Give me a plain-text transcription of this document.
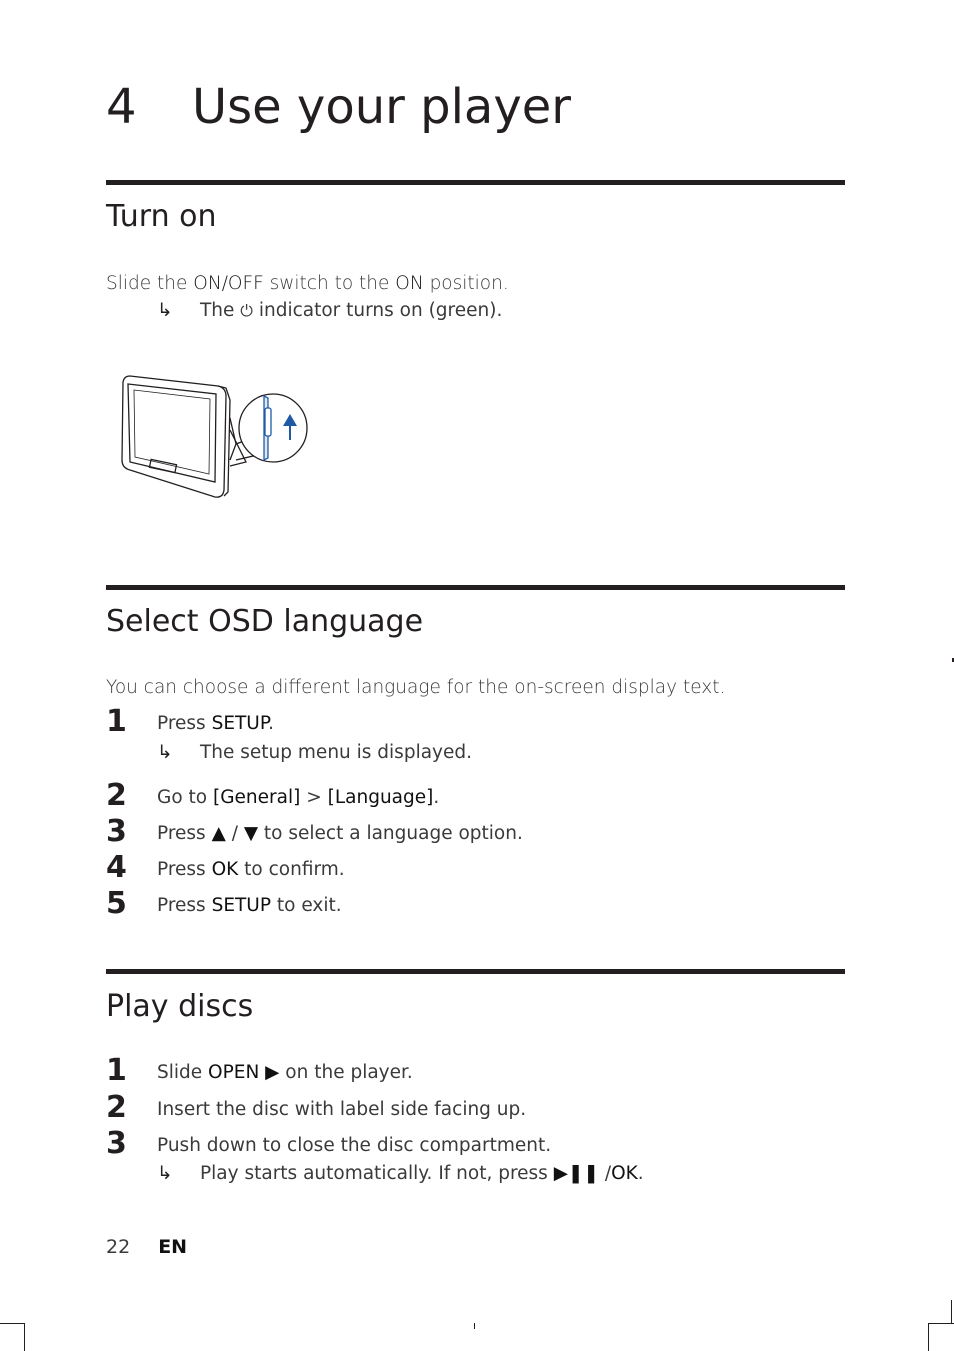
4 Use your player
Turn on
Slide the ON/OFF switch to the ON position.
↳ The ⏻ indicator turns on (green).
Select OSD language
You can choose a different language for the on-screen display text.
1 Press SETUP.
↳ The setup menu is displayed.
2 Go to [General] > [Language].
3 Press ▲ / ▼ to select a language option.
4 Press OK to confirm.
5 Press SETUP to exit.
Play discs
1 Slide OPEN ▶ on the player.
2 Insert the disc with label side facing up.
3 Push down to close the disc compartment.
↳ Play starts automatically. If not, press ▶❚❚ /OK.
22 EN
